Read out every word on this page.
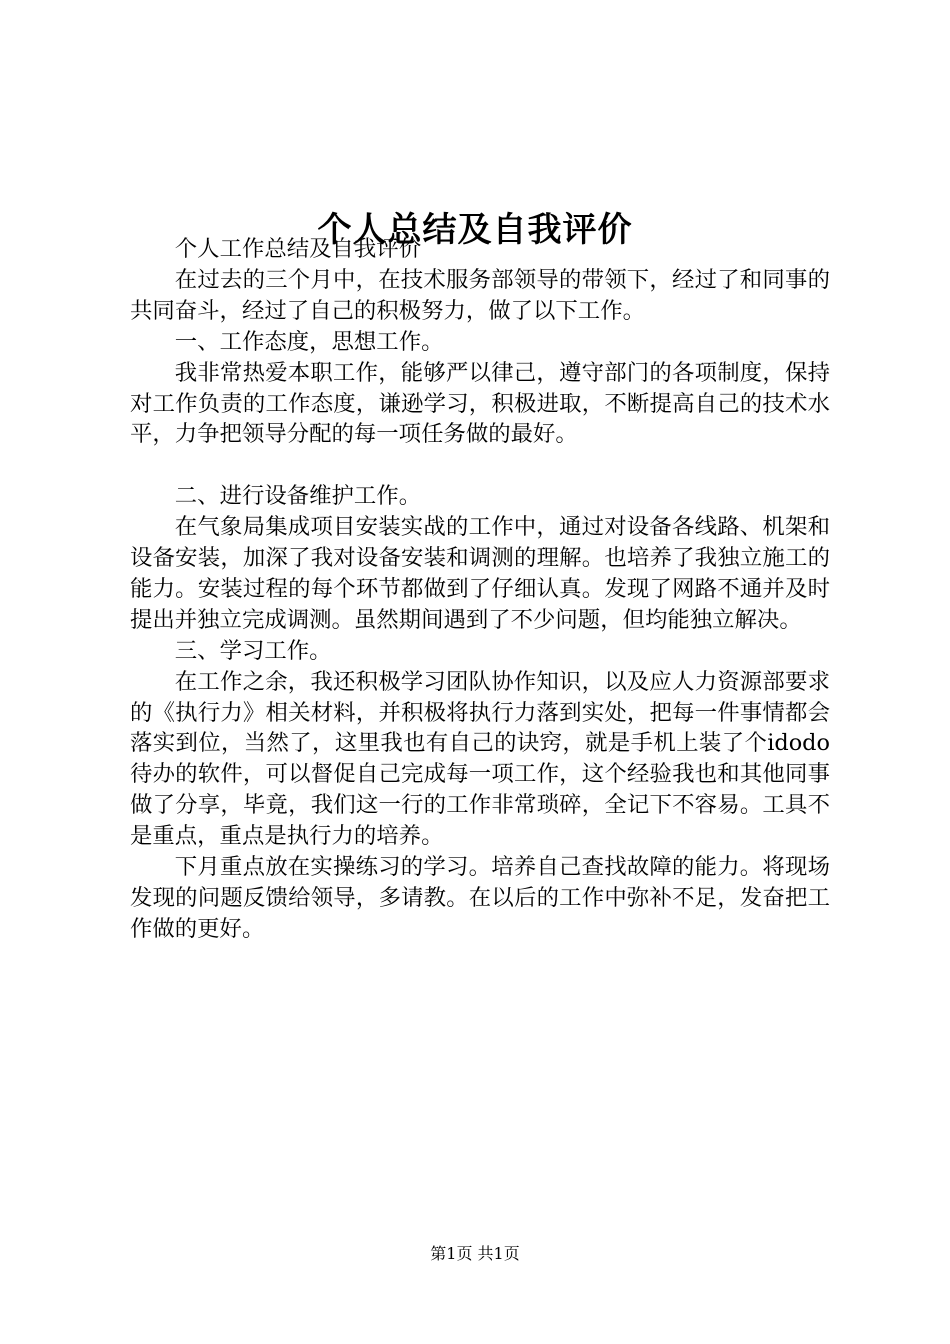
个人总结及自我评价

个人工作总结及自我评价

在过去的三个月中，在技术服务部领导的带领下，经过了和同事的共同奋斗，经过了自己的积极努力，做了以下工作。

一、工作态度，思想工作。

我非常热爱本职工作，能够严以律己，遵守部门的各项制度，保持对工作负责的工作态度，谦逊学习，积极进取，不断提高自己的技术水平，力争把领导分配的每一项任务做的最好。

二、进行设备维护工作。

在气象局集成项目安装实战的工作中，通过对设备各线路、机架和设备安装，加深了我对设备安装和调测的理解。也培养了我独立施工的能力。安装过程的每个环节都做到了仔细认真。发现了网路不通并及时提出并独立完成调测。虽然期间遇到了不少问题，但均能独立解决。

三、学习工作。

在工作之余，我还积极学习团队协作知识，以及应人力资源部要求的《执行力》相关材料，并积极将执行力落到实处，把每一件事情都会落实到位，当然了，这里我也有自己的诀窍，就是手机上装了个idodo待办的软件，可以督促自己完成每一项工作，这个经验我也和其他同事做了分享，毕竟，我们这一行的工作非常琐碎，全记下不容易。工具不是重点，重点是执行力的培养。

下月重点放在实操练习的学习。培养自己查找故障的能力。将现场发现的问题反馈给领导，多请教。在以后的工作中弥补不足，发奋把工作做的更好。

第1页 共1页
